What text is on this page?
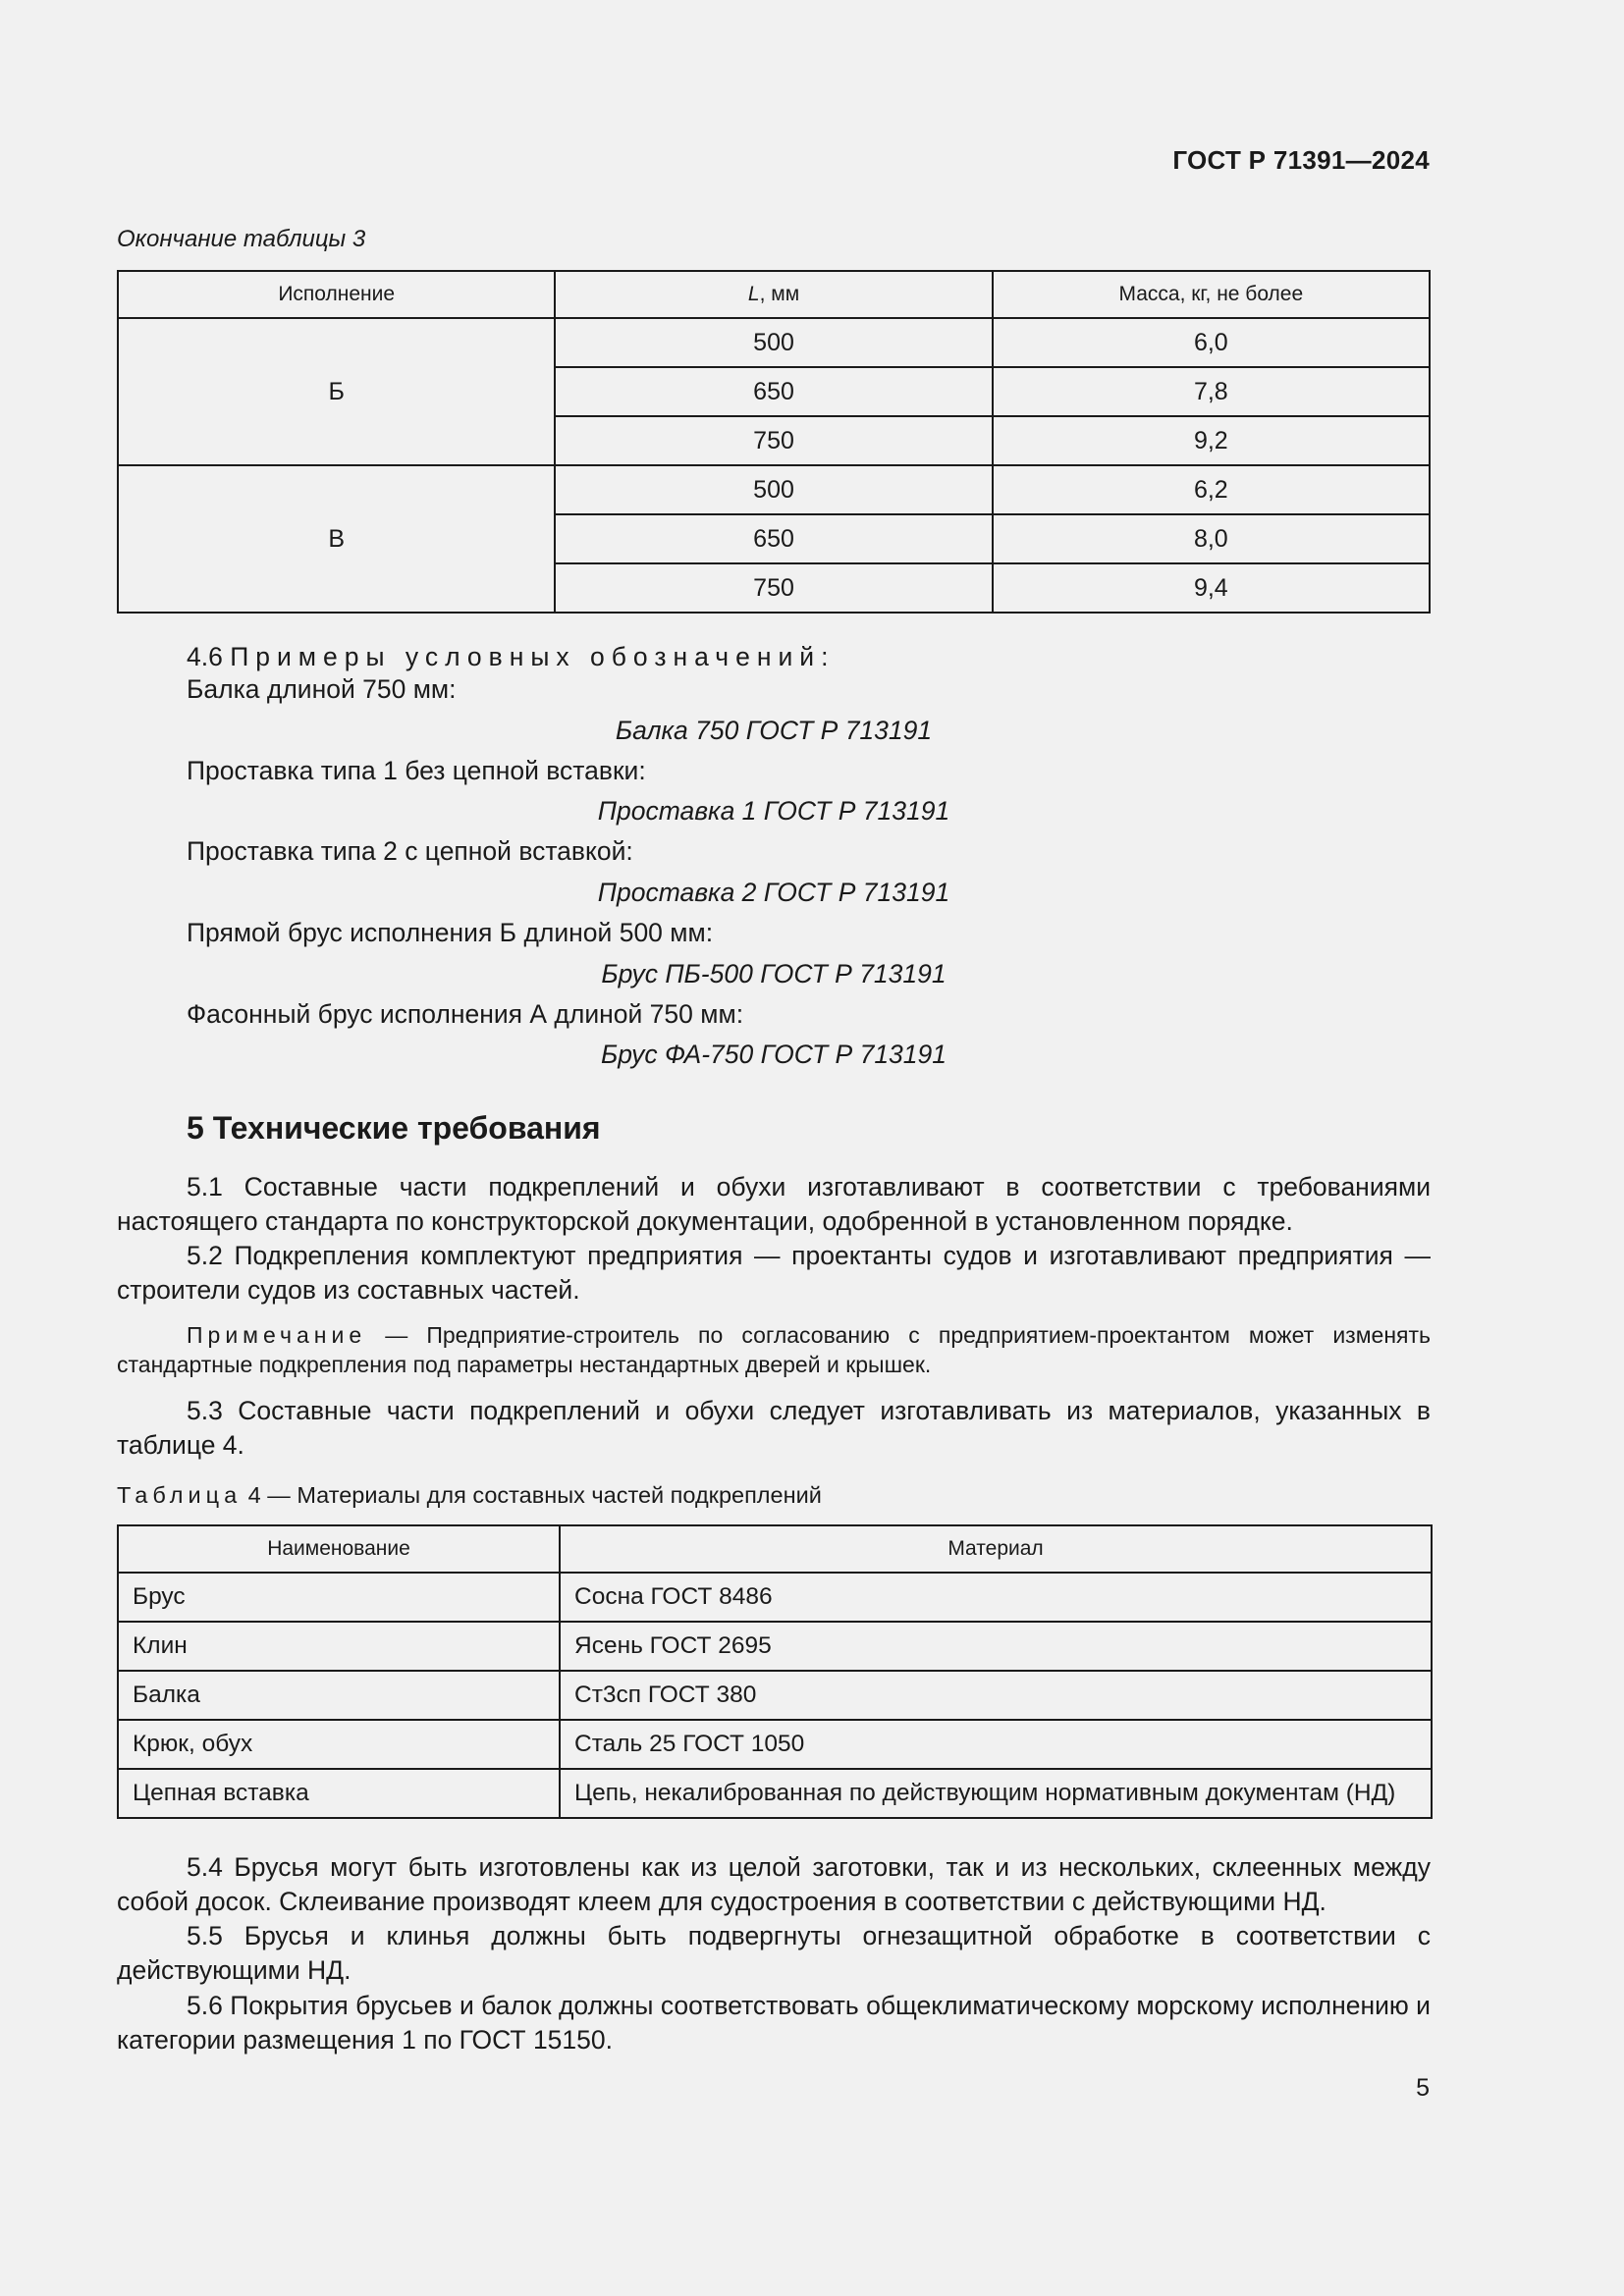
ГОСТ Р 71391—2024
Окончание таблицы 3
Исполнение	L, мм	Масса, кг, не более
Б	500	6,0
	650	7,8
	750	9,2
В	500	6,2
	650	8,0
	750	9,4
4.6 Примеры условных обозначений:
Балка длиной 750 мм:
Балка 750 ГОСТ Р 713191
Проставка типа 1 без цепной вставки:
Проставка 1 ГОСТ Р 713191
Проставка типа 2 с цепной вставкой:
Проставка 2 ГОСТ Р 713191
Прямой брус исполнения Б длиной 500 мм:
Брус ПБ-500 ГОСТ Р 713191
Фасонный брус исполнения А длиной 750 мм:
Брус ФА-750 ГОСТ Р 713191
5 Технические требования
5.1 Составные части подкреплений и обухи изготавливают в соответствии с требованиями настоящего стандарта по конструкторской документации, одобренной в установленном порядке.
5.2 Подкрепления комплектуют предприятия — проектанты судов и изготавливают предприятия — строители судов из составных частей.
Примечание — Предприятие-строитель по согласованию с предприятием-проектантом может изменять стандартные подкрепления под параметры нестандартных дверей и крышек.
5.3 Составные части подкреплений и обухи следует изготавливать из материалов, указанных в таблице 4.
Таблица 4 — Материалы для составных частей подкреплений
Наименование	Материал
Брус	Сосна ГОСТ 8486
Клин	Ясень ГОСТ 2695
Балка	Ст3сп ГОСТ 380
Крюк, обух	Сталь 25 ГОСТ 1050
Цепная вставка	Цепь, некалиброванная по действующим нормативным документам (НД)
5.4 Брусья могут быть изготовлены как из целой заготовки, так и из нескольких, склеенных между собой досок. Склеивание производят клеем для судостроения в соответствии с действующими НД.
5.5 Брусья и клинья должны быть подвергнуты огнезащитной обработке в соответствии с действующими НД.
5.6 Покрытия брусьев и балок должны соответствовать общеклиматическому морскому исполнению и категории размещения 1 по ГОСТ 15150.
5
